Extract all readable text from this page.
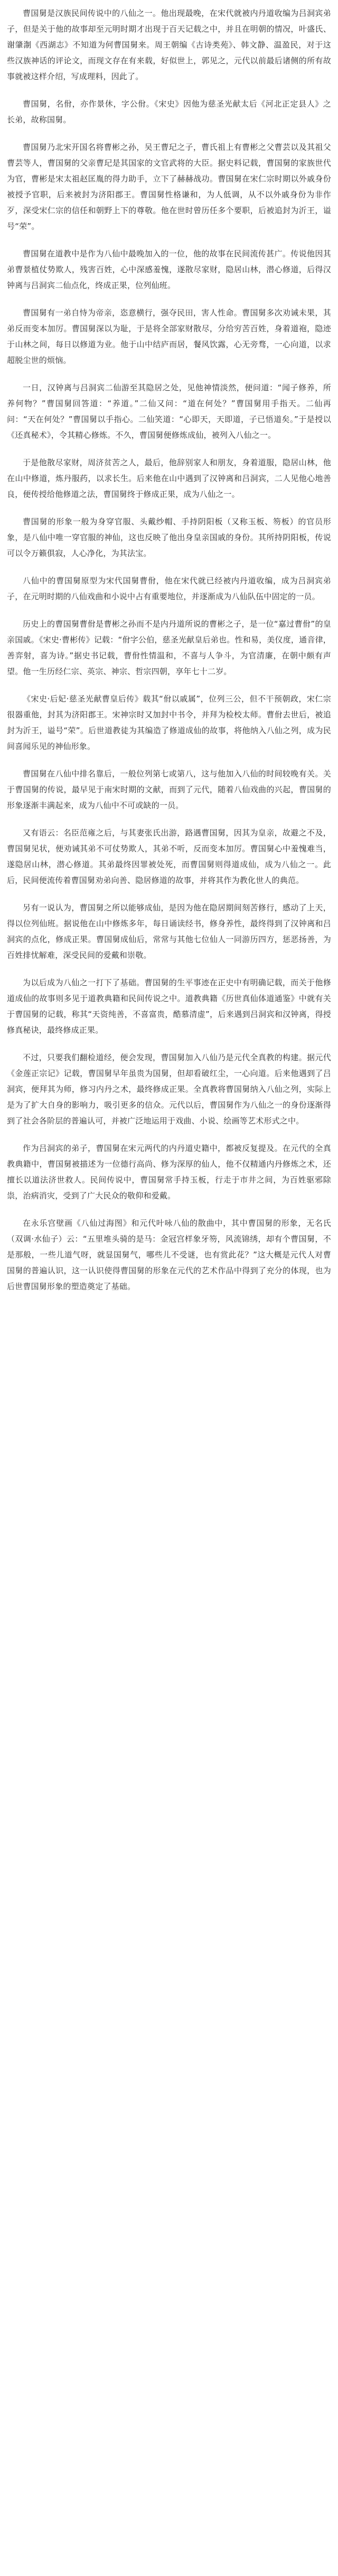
曹国舅是汉族民间传说中的八仙之一。他出现最晚，在宋代就被内丹道收编为吕洞宾弟子，但是关于他的故事却至元明时期才出现于百天记载之中，并且在明朝的情况，叶盛氏、谢肇淛《西湖志》不知道为何曹国舅来。周王朝编《古诗类苑》、韩文静、温盈民，对于这些汉族神话的评论文，而现文存在有来载，好似世上，郭见之，元代以前最后诸侧的所有故事就被这样介绍，写成理料，因此了。

曹国舅，名佾，亦作景休，字公佾。《宋史》因他为慈圣光献太后《河北正定县人》之长弟，故称国舅。

曹国舅乃北宋开国名将曹彬之孙，吴王曹玘之子，曹氏祖上有曹彬之父曹芸以及其祖父曹芸等人，曹国舅的父亲曹玘是其国家的文官武将的大臣。据史料记载，曹国舅的家族世代为官，曹彬是宋太祖赵匡胤的得力助手，立下了赫赫战功。曹国舅在宋仁宗时期以外戚身份被授予官职，后来被封为济阳郡王。曹国舅性格谦和，为人低调，从不以外戚身份为非作歹，深受宋仁宗的信任和朝野上下的尊敬。他在世时曾历任多个要职，后被追封为沂王，谥号“荣”。

曹国舅在道教中是作为八仙中最晚加入的一位，他的故事在民间流传甚广。传说他因其弟曹景植仗势欺人，残害百姓，心中深感羞愧，遂散尽家财，隐居山林，潜心修道，后得汉钟离与吕洞宾二仙点化，终成正果，位列仙班。

曹国舅有一弟自恃为帝亲，恣意横行，强夺民田，害人性命。曹国舅多次劝诫未果，其弟反而变本加厉。曹国舅深以为耻，于是将全部家财散尽，分给穷苦百姓，身着道袍，隐迹于山林之间，每日以修道为业。他于山中结庐而居，餐风饮露，心无旁骛，一心向道，以求超脱尘世的烦恼。

一日，汉钟离与吕洞宾二仙游至其隐居之处，见他神情淡然，便问道：“闻子修养，所养何物？”曹国舅回答道：“养道。”二仙又问：“道在何处？”曹国舅用手指天。二仙再问：“天在何处？”曹国舅以手指心。二仙笑道：“心即天，天即道，子已悟道矣。”于是授以《还真秘术》，令其精心修炼。不久，曹国舅便修炼成仙，被列入八仙之一。

于是他散尽家财，周济贫苦之人，最后，他辞别家人和朋友，身着道服，隐居山林，他在山中修道，炼丹服药，以求长生。后来他在山中遇到了汉钟离和吕洞宾，二人见他心地善良，便传授给他修道之法，曹国舅终于修成正果，成为八仙之一。

曹国舅的形象一般为身穿官服、头戴纱帽、手持阴阳板（又称玉板、笏板）的官员形象，是八仙中唯一穿官服的神仙，这也反映了他出身皇亲国戚的身份。其所持阴阳板，传说可以令万籁俱寂，人心净化，为其法宝。

八仙中的曹国舅原型为宋代国舅曹佾，他在宋代就已经被内丹道收编，成为吕洞宾弟子，在元明时期的八仙戏曲和小说中占有重要地位，并逐渐成为八仙队伍中固定的一员。

历史上的曹国舅曹佾是曹彬之孙而不是内丹道所说的曹彬之子，是一位“嘉过曹佾”的皇亲国戚。《宋史·曹彬传》记载：“佾字公伯，慈圣光献皇后弟也。性和易，美仪度，通音律，善弈射，喜为诗。”据史书记载，曹佾性情温和，不喜与人争斗，为官清廉，在朝中颇有声望。他一生历经仁宗、英宗、神宗、哲宗四朝，享年七十二岁。

《宋史·后妃·慈圣光献曹皇后传》载其“佾以戚属”，位列三公，但不干预朝政，宋仁宗很器重他，封其为济阳郡王。宋神宗时又加封中书令，并拜为检校太师。曹佾去世后，被追封为沂王，谥号“荣”。后世道教徒为其编造了修道成仙的故事，将他纳入八仙之列，成为民间喜闻乐见的神仙形象。

曹国舅在八仙中排名靠后，一般位列第七或第八，这与他加入八仙的时间较晚有关。关于曹国舅的传说，最早见于南宋时期的文献，而到了元代，随着八仙戏曲的兴起，曹国舅的形象逐渐丰满起来，成为八仙中不可或缺的一员。

又有语云：名臣范雍之后，与其妻张氏出游，路遇曹国舅，因其为皇亲，故避之不及，曹国舅见状，便劝诫其弟不可仗势欺人，其弟不听，反而变本加厉。曹国舅心中羞愧难当，遂隐居山林，潜心修道。其弟最终因罪被处死，而曹国舅则得道成仙，成为八仙之一。此后，民间便流传着曹国舅劝弟向善、隐居修道的故事，并将其作为教化世人的典范。

另有一说认为，曹国舅之所以能够成仙，是因为他在隐居期间刻苦修行，感动了上天，得以位列仙班。据说他在山中修炼多年，每日诵读经书，修身养性，最终得到了汉钟离和吕洞宾的点化，修成正果。曹国舅成仙后，常常与其他七位仙人一同游历四方，惩恶扬善，为百姓排忧解难，深受民间的爱戴和崇敬。

为以后成为八仙之一打下了基础。曹国舅的生平事迹在正史中有明确记载，而关于他修道成仙的故事则多见于道教典籍和民间传说之中。道教典籍《历世真仙体道通鉴》中就有关于曹国舅的记载，称其“天资纯善，不喜富贵，酷慕清虚”，后来遇到吕洞宾和汉钟离，得授修真秘诀，最终修成正果。

不过，只要我们翻检道经，便会发现，曹国舅加入八仙乃是元代全真教的构建。据元代《金莲正宗记》记载，曹国舅早年虽贵为国舅，但却看破红尘，一心向道。后来他遇到了吕洞宾，便拜其为师，修习内丹之术，最终修成正果。全真教将曹国舅纳入八仙之列，实际上是为了扩大自身的影响力，吸引更多的信众。元代以后，曹国舅作为八仙之一的身份逐渐得到了社会各阶层的普遍认可，并被广泛地运用于戏曲、小说、绘画等艺术形式之中。

作为吕洞宾的弟子，曹国舅在宋元两代的内丹道史籍中，都被反复提及。在元代的全真教典籍中，曹国舅被描述为一位德行高尚、修为深厚的仙人，他不仅精通内丹修炼之术，还擅长以道法济世救人。民间传说中，曹国舅常手持玉板，行走于市井之间，为百姓驱邪除祟，治病消灾，受到了广大民众的敬仰和爱戴。

在永乐宫壁画《八仙过海图》和元代叶咏八仙的散曲中，其中曹国舅的形象，无名氏（双调·水仙子）云：“五里堆头骑的是马：金冠宫样象牙笏，风流锦绣，却有个曹国舅，不是那般，一些儿道气呀，就显国舅气，哪些儿不受谜，也有赏此花？”这大概是元代人对曹国舅的普遍认识，这一认识使得曹国舅的形象在元代的艺术作品中得到了充分的体现，也为后世曹国舅形象的塑造奠定了基础。
